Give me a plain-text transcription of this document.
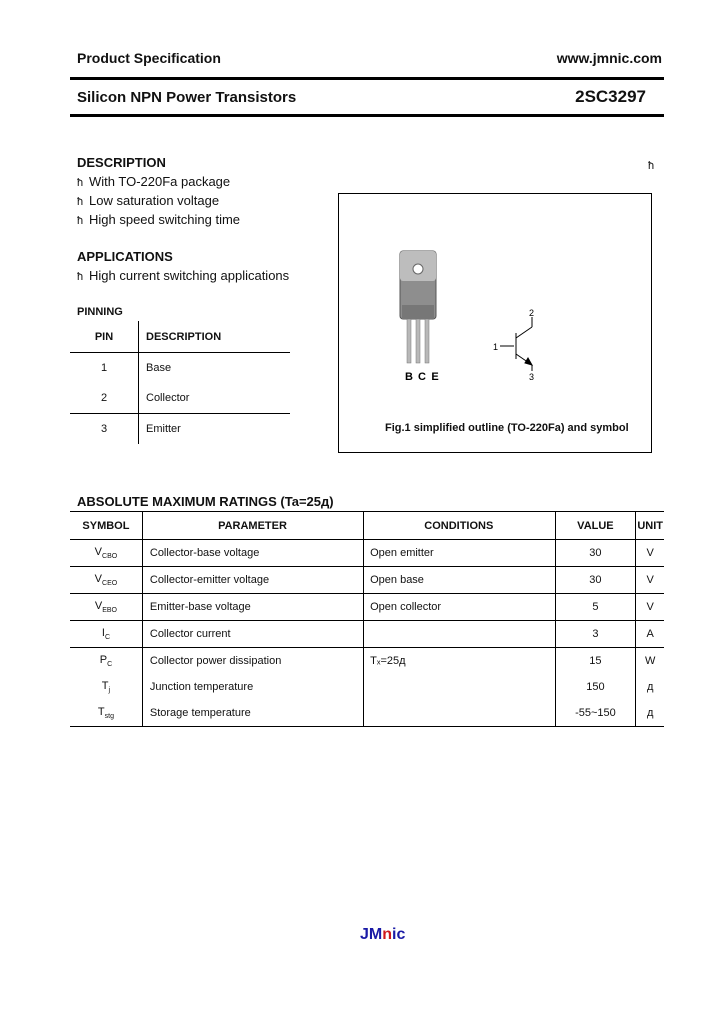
Product Specification	www.jmnic.com
Silicon NPN Power Transistors	2SC3297
DESCRIPTION
ħ With TO-220Fa package
ħ Low saturation voltage
ħ High speed switching time
ħ
APPLICATIONS
ħ High current switching applications
PINNING
PIN	DESCRIPTION
1	Base
2	Collector
3	Emitter
B C E
1
2
3
Fig.1 simplified outline (TO-220Fa) and symbol
ABSOLUTE MAXIMUM RATINGS (Ta=25д)
SYMBOL	PARAMETER	CONDITIONS	VALUE	UNIT
$V_{CBO}$	Collector-base voltage	Open emitter	30	V
$V_{CEO}$	Collector-emitter voltage	Open base	30	V
$V_{EBO}$	Emitter-base voltage	Open collector	5	V
$I_C$	Collector current		3	A
$P_C$	Collector power dissipation	Tₓ=25д	15	W
$T_j$	Junction temperature		150	д
$T_{stg}$	Storage temperature		-55~150	д
JMnic
